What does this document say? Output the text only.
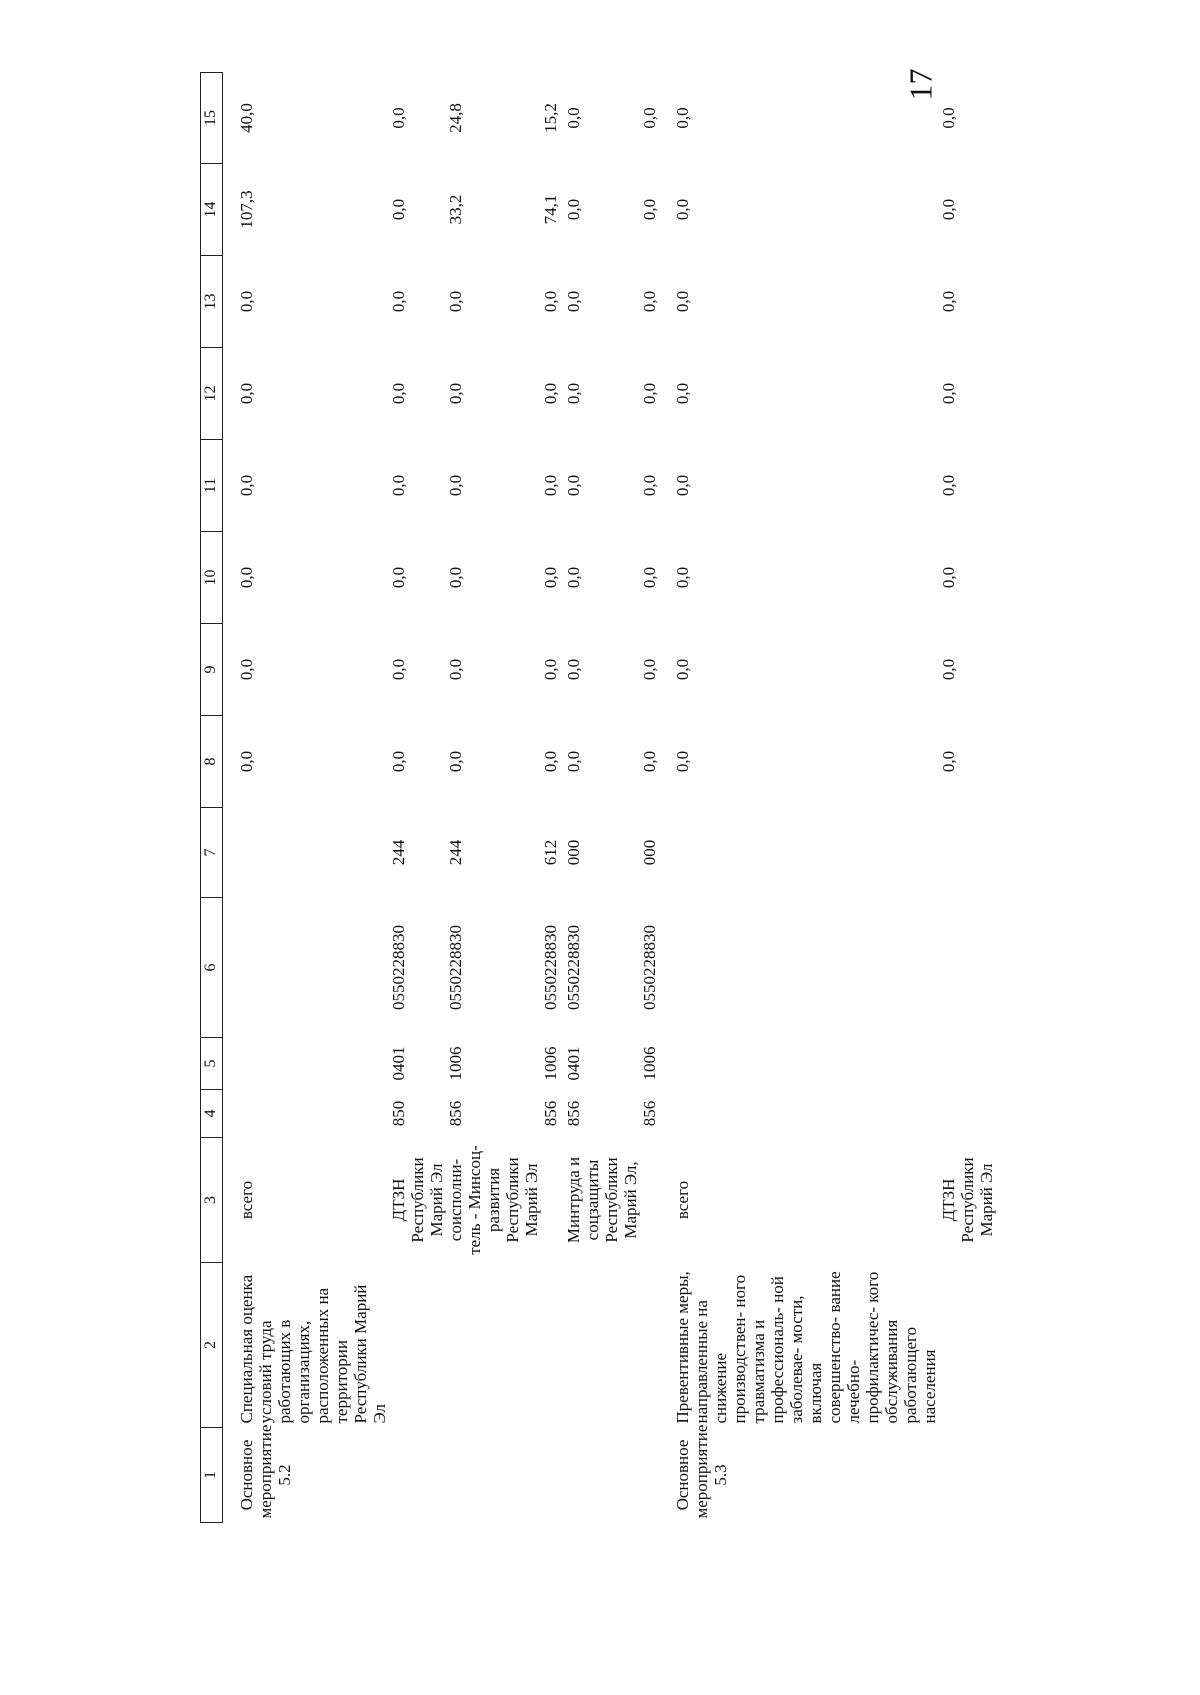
17
1	2	3	4	5	6	7	8	9	10	11	12	13	14	15
Основное мероприятие 5.2	Специальная оценка условий труда работающих в организациях, расположенных на территории Республики Марий Эл	всего					0,0	0,0	0,0	0,0	0,0	0,0	107,3	40,0
		ДТЗН Республики Марий Эл	850	0401	0550228830	244	0,0	0,0	0,0	0,0	0,0	0,0	0,0	0,0
		соисполни- тель - Минсоц- развития Республики Марий Эл	856	1006	0550228830	244	0,0	0,0	0,0	0,0	0,0	0,0	33,2	24,8
			856	1006	0550228830	612	0,0	0,0	0,0	0,0	0,0	0,0	74,1	15,2
		Минтруда и соцзащиты Республики Марий Эл,	856	0401	0550228830	000	0,0	0,0	0,0	0,0	0,0	0,0	0,0	0,0
			856	1006	0550228830	000	0,0	0,0	0,0	0,0	0,0	0,0	0,0	0,0
Основное мероприятие 5.3	Превентивные меры, направленные на снижение производствен- ного травматизма и профессиональ- ной заболевае- мости, включая совершенство- вание лечебно- профилактичес- кого обслуживания работающего населения	всего					0,0	0,0	0,0	0,0	0,0	0,0	0,0	0,0
		ДТЗН Республики Марий Эл					0,0	0,0	0,0	0,0	0,0	0,0	0,0	0,0
